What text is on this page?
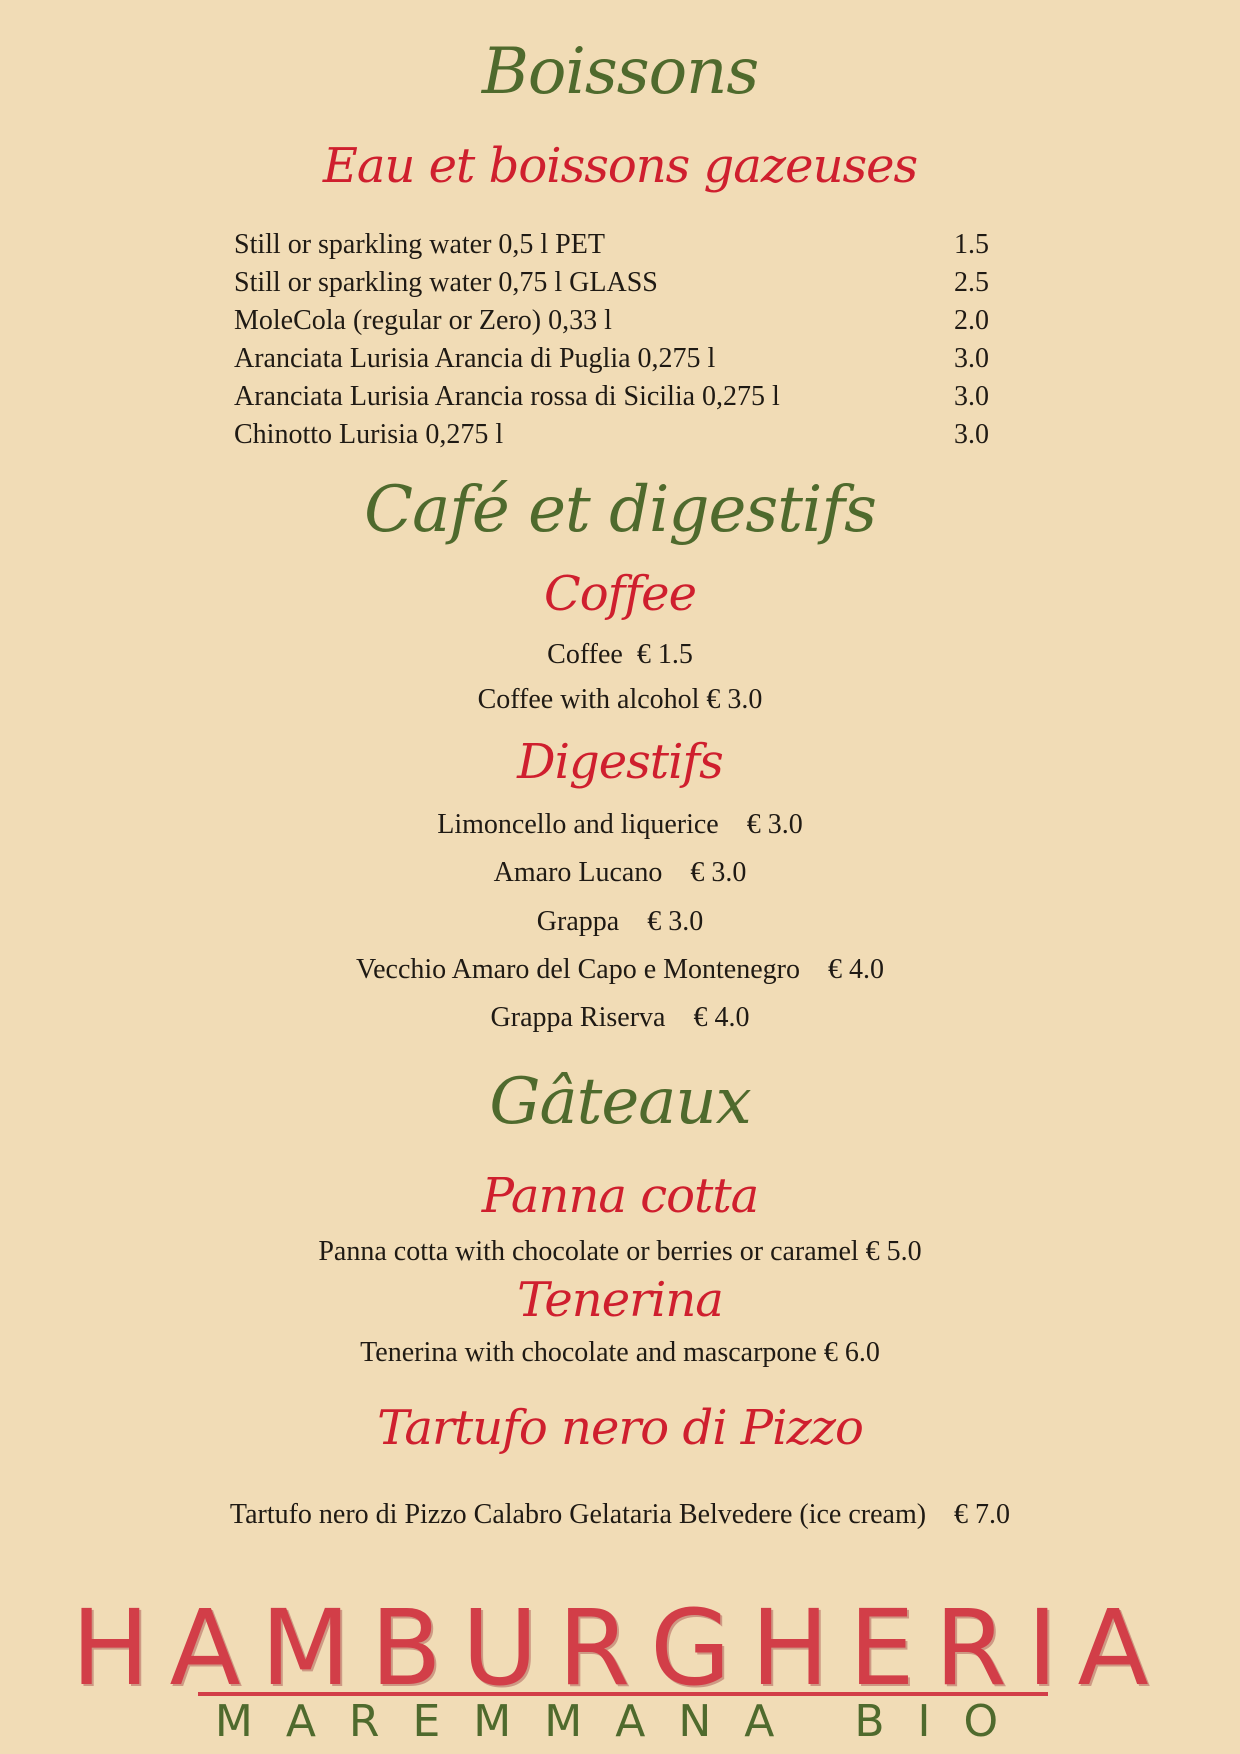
Boissons
Eau et boissons gazeuses
Still or sparkling water 0,5 l PET	1.5
Still or sparkling water 0,75 l GLASS	2.5
MoleCola (regular or Zero) 0,33 l	2.0
Aranciata Lurisia Arancia di Puglia 0,275 l	3.0
Aranciata Lurisia Arancia rossa di Sicilia 0,275 l	3.0
Chinotto Lurisia 0,275 l	3.0
Café et digestifs
Coffee
Coffee  € 1.5
Coffee with alcohol € 3.0
Digestifs
Limoncello and liquerice    € 3.0
Amaro Lucano    € 3.0
Grappa    € 3.0
Vecchio Amaro del Capo e Montenegro    € 4.0
Grappa Riserva    € 4.0
Gâteaux
Panna cotta
Panna cotta with chocolate or berries or caramel € 5.0
Tenerina
Tenerina with chocolate and mascarpone € 6.0
Tartufo nero di Pizzo
Tartufo nero di Pizzo Calabro Gelataria Belvedere (ice cream)    € 7.0
HAMBURGHERIA
MAREMMANA BIO
